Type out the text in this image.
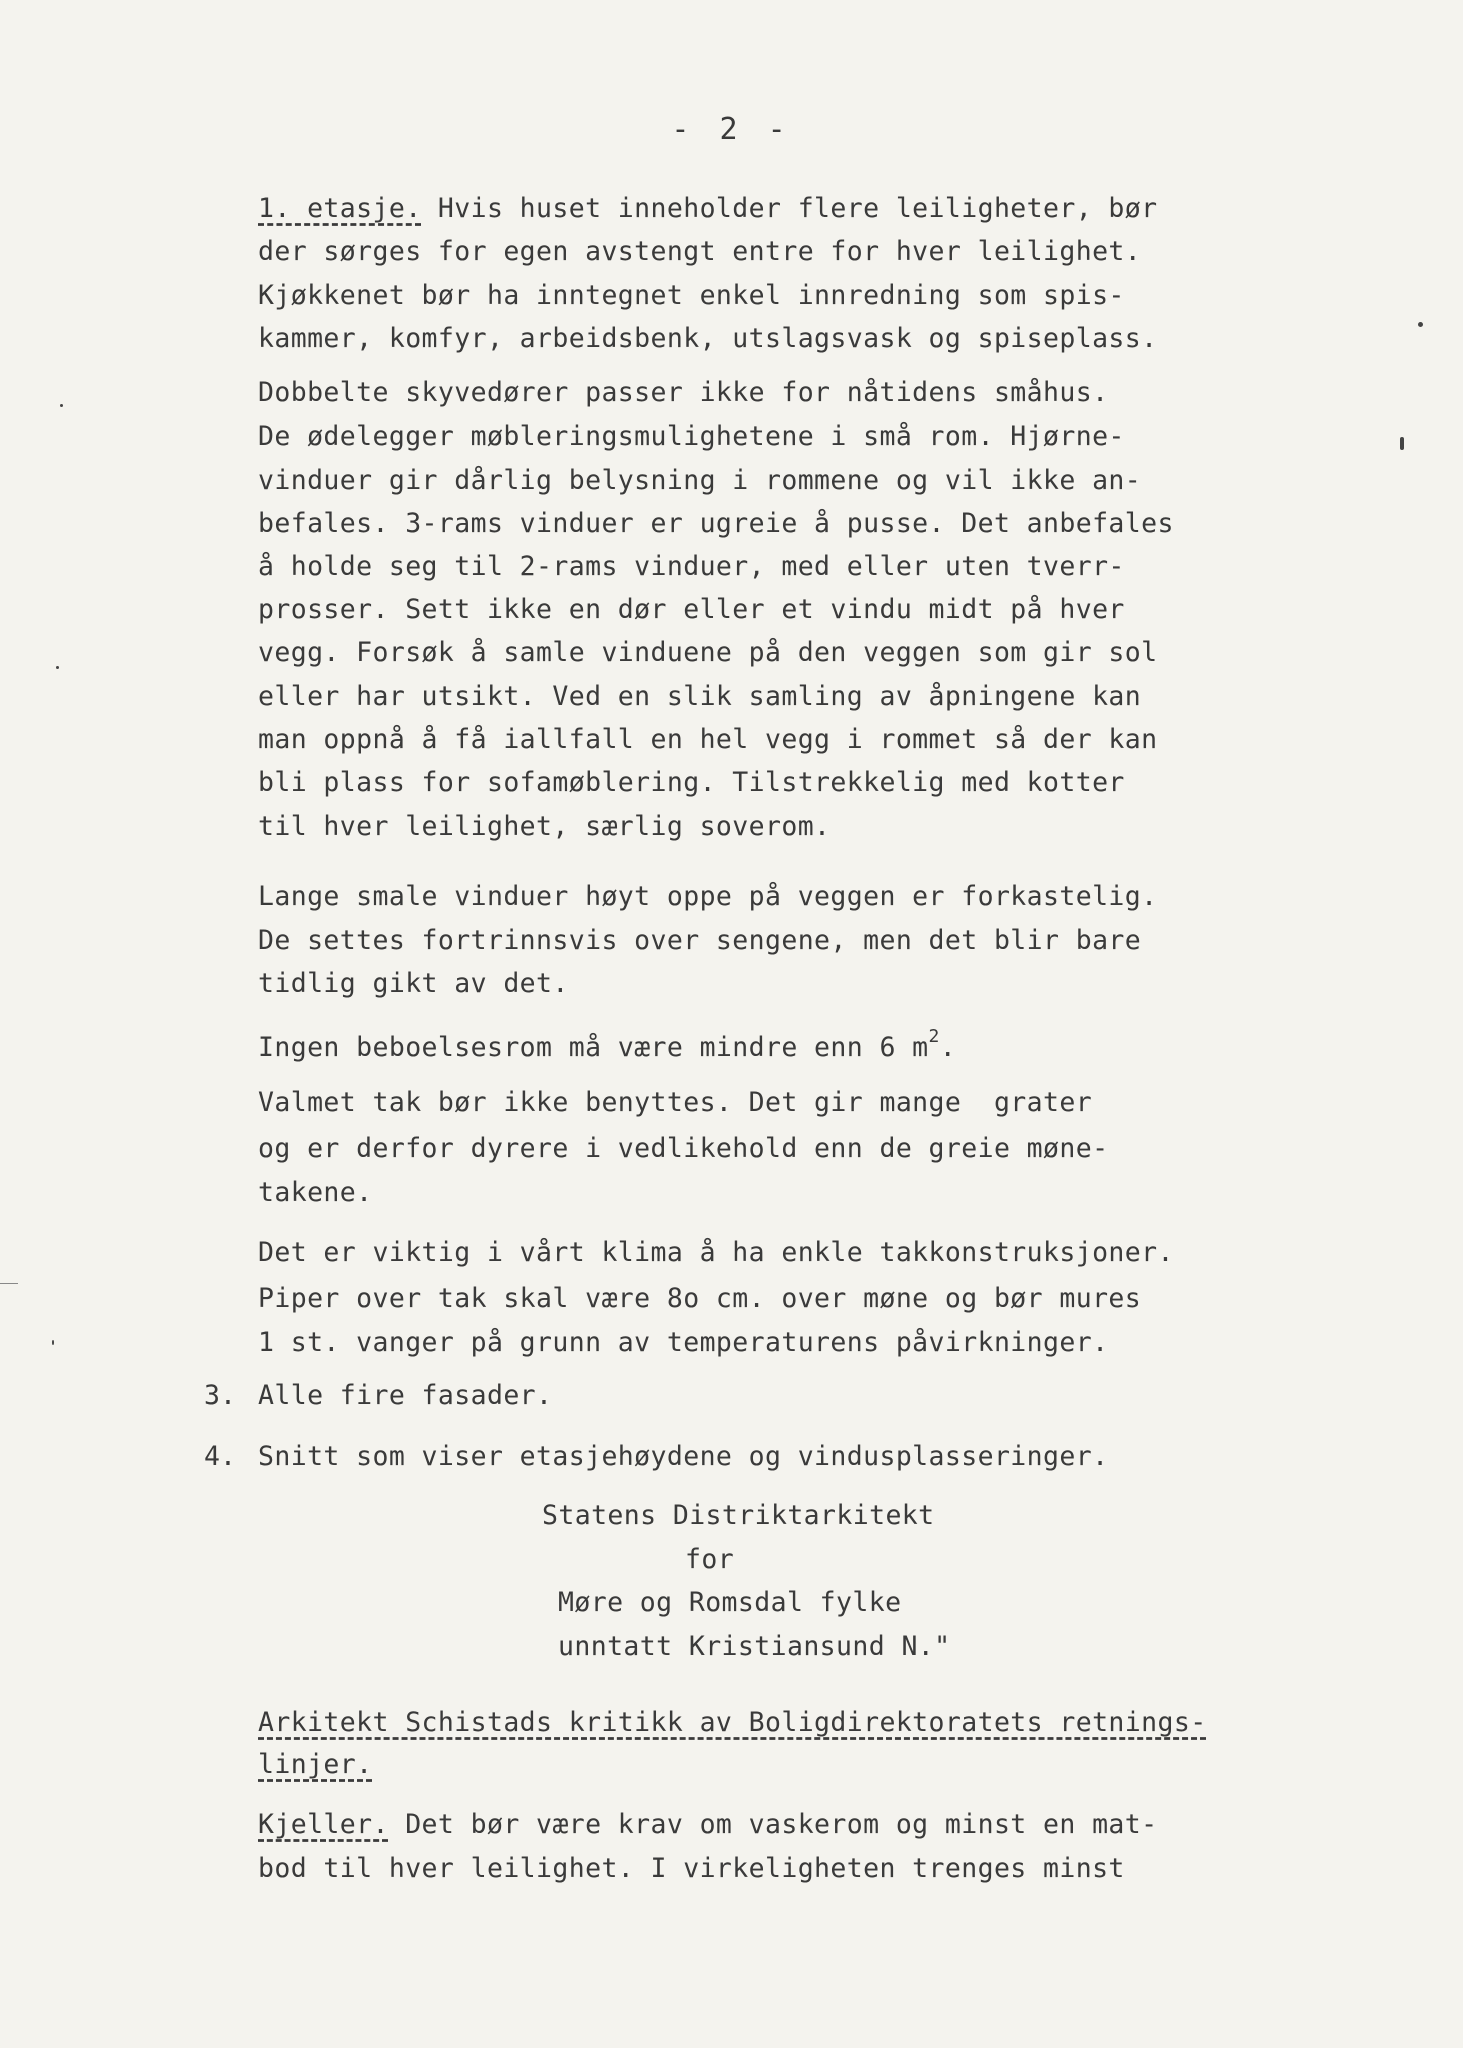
- 2 -
1. etasje. Hvis huset inneholder flere leiligheter, bør
der sørges for egen avstengt entre for hver leilighet.
Kjøkkenet bør ha inntegnet enkel innredning som spis-
kammer, komfyr, arbeidsbenk, utslagsvask og spiseplass.
Dobbelte skyvedører passer ikke for nåtidens småhus.
De ødelegger møbleringsmulighetene i små rom. Hjørne-
vinduer gir dårlig belysning i rommene og vil ikke an-
befales. 3-rams vinduer er ugreie å pusse. Det anbefales
å holde seg til 2-rams vinduer, med eller uten tverr-
prosser. Sett ikke en dør eller et vindu midt på hver
vegg. Forsøk å samle vinduene på den veggen som gir sol
eller har utsikt. Ved en slik samling av åpningene kan
man oppnå å få iallfall en hel vegg i rommet så der kan
bli plass for sofamøblering. Tilstrekkelig med kotter
til hver leilighet, særlig soverom.
Lange smale vinduer høyt oppe på veggen er forkastelig.
De settes fortrinnsvis over sengene, men det blir bare
tidlig gikt av det.
Ingen beboelsesrom må være mindre enn 6 $m^2$.
Valmet tak bør ikke benyttes. Det gir mange  grater
og er derfor dyrere i vedlikehold enn de greie møne-
takene.
Det er viktig i vårt klima å ha enkle takkonstruksjoner.
Piper over tak skal være 8o cm. over møne og bør mures
1 st. vanger på grunn av temperaturens påvirkninger.
3. Alle fire fasader.
4. Snitt som viser etasjehøydene og vindusplasseringer.
Statens Distriktarkitekt
for
Møre og Romsdal fylke
unntatt Kristiansund N."
Arkitekt Schistads kritikk av Boligdirektoratets retnings-
linjer.
Kjeller. Det bør være krav om vaskerom og minst en mat-
bod til hver leilighet. I virkeligheten trenges minst
